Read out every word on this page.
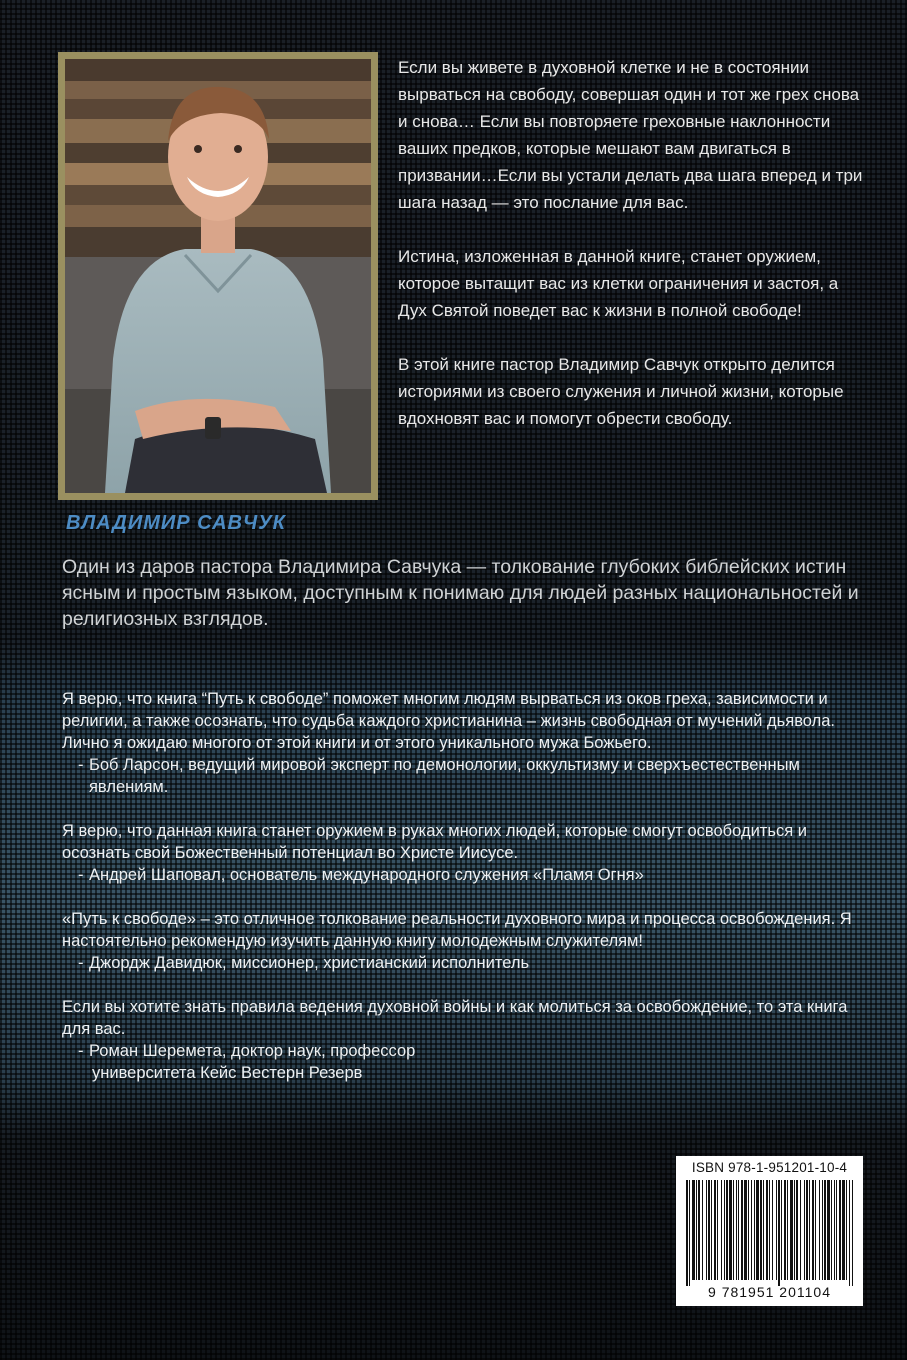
ВЛАДИМИР САВЧУК

Если вы живете в духовной клетке и не в состоянии вырваться на свободу, совершая один и тот же грех снова и снова… Если вы повторяете греховные наклонности ваших предков, которые мешают вам двигаться в призвании…Если вы устали делать два шага вперед и три шага назад — это послание для вас.

Истина, изложенная в данной книге, станет оружием, которое вытащит вас из клетки ограничения и застоя, а Дух Святой поведет вас к жизни в полной свободе!

В этой книге пастор Владимир Савчук открыто делится историями из своего служения и личной жизни, которые вдохновят вас и помогут обрести свободу.

Один из даров пастора Владимира Савчука — толкование глубоких библейских истин ясным и простым языком, доступным к понимаю для людей разных национальностей и религиозных взглядов.

Я верю, что книга “Путь к свободе” поможет многим людям вырваться из оков греха, зависимости и религии, а также осознать, что судьба каждого христианина – жизнь свободная от мучений дьявола. Лично я ожидаю многого от этой книги и от этого уникального мужа Божьего.

- Боб Ларсон, ведущий мировой эксперт по демонологии, оккультизму и сверхъестественным явлениям.

Я верю, что данная книга станет оружием в руках многих людей, которые смогут освободиться и осознать свой Божественный потенциал во Христе Иисусе.

- Андрей Шаповал, основатель международного служения «Пламя Огня»

«Путь к свободе» – это отличное толкование реальности духовного мира и процесса освобождения. Я настоятельно рекомендую изучить данную книгу молодежным служителям!

- Джордж Давидюк, миссионер, христианский исполнитель

Если вы хотите знать правила ведения духовной войны и как молиться за освобождение, то эта книга для вас.

- Роман Шеремета, доктор наук, профессор

университета Кейс Вестерн Резерв

ISBN 978-1-951201-10-4
9 781951 201104
